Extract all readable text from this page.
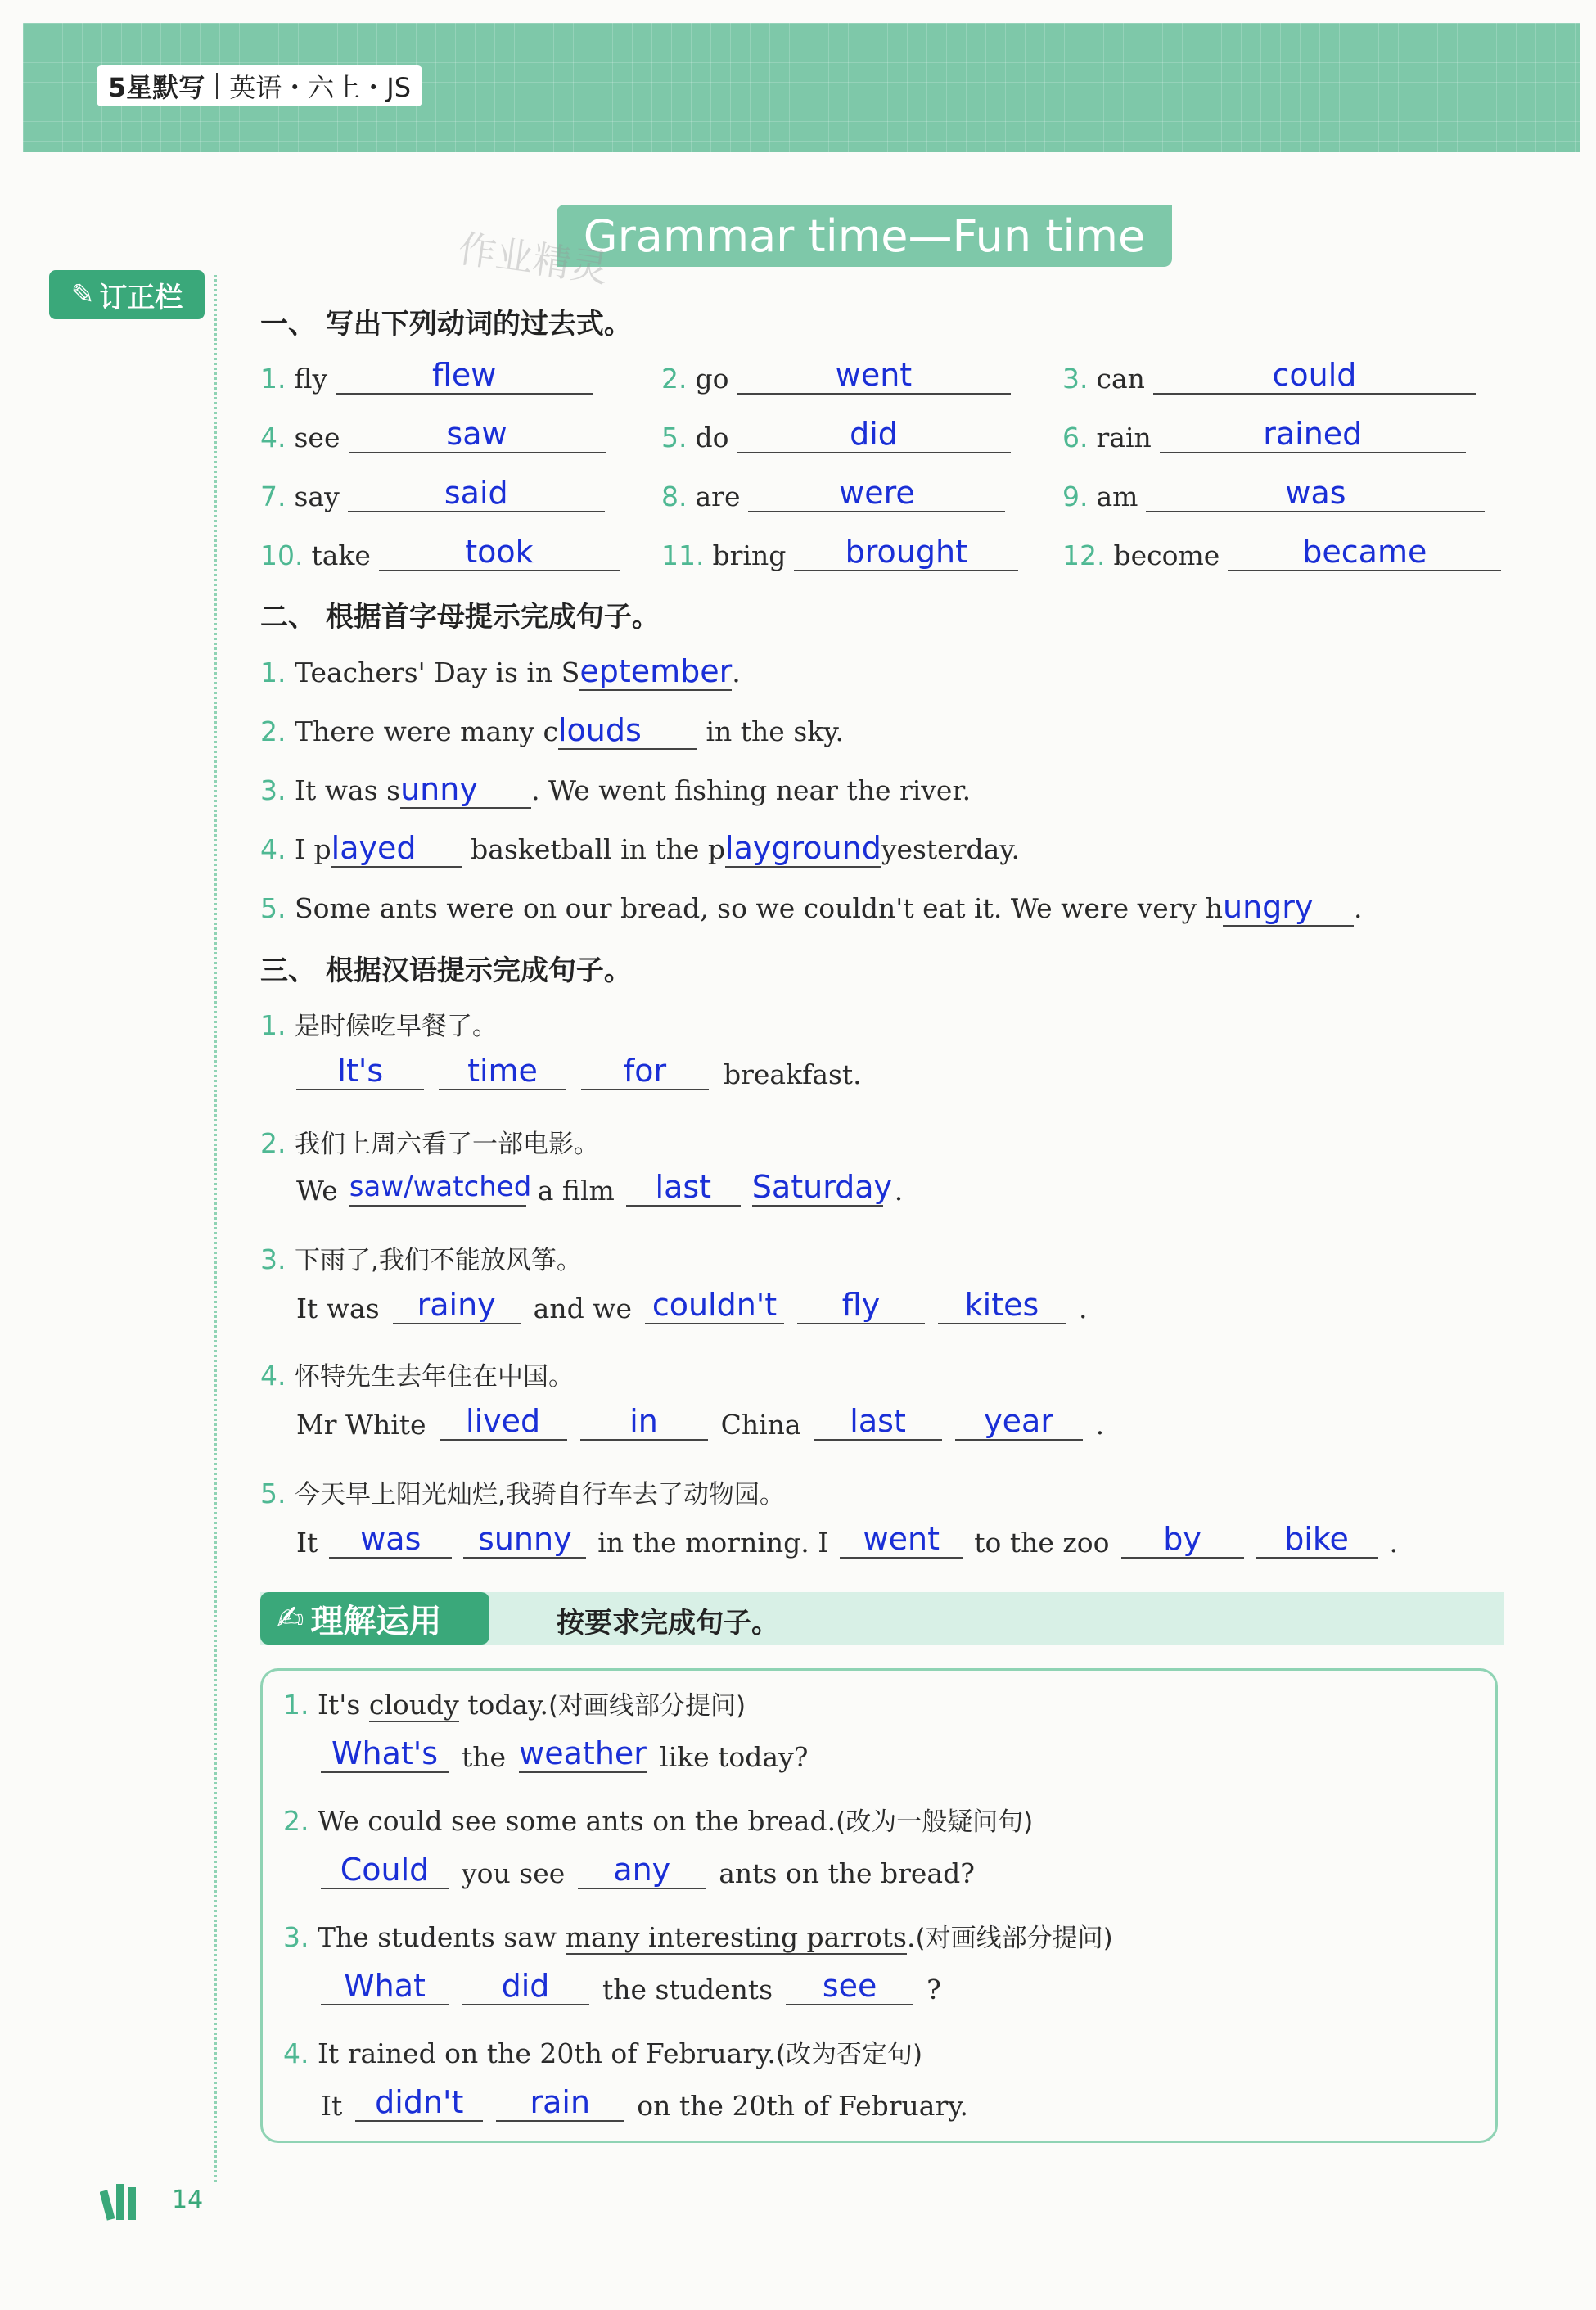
5星默写 英语・六上・JS
Grammar time—Fun time
作业精灵
✎ 订正栏
一、 写出下列动词的过去式。
1. fly	flew	2. go	went	3. can	could
4. see	saw	5. do	did	6. rain	rained
7. say	said	8. are	were	9. am	was
10. take	took	11. bring	brought	12. become	became
二、 根据首字母提示完成句子。
1. Teachers' Day is in September.
2. There were many clouds in the sky.
3. It was sunny . We went fishing near the river.
4. I played basketball in the playgroundyesterday.
5. Some ants were on our bread, so we couldn't eat it. We were very hungry .
三、 根据汉语提示完成句子。
1. 是时候吃早餐了。
It's	time	for	breakfast.
2. 我们上周六看了一部电影。
We saw/watched a film	last	Saturday .
3. 下雨了,我们不能放风筝。
It was	rainy	and we couldn't	fly	kites	.
4. 怀特先生去年住在中国。
Mr White	lived	in	China	last	year	.
5. 今天早上阳光灿烂,我骑自行车去了动物园。
It	was	sunny in the morning. I	went	to the zoo	by	bike	.
✍ 理解运用	按要求完成句子。
1. It's cloudy today.(对画线部分提问)
What's the weather like today?
2. We could see some ants on the bread.(改为一般疑问句)
Could	you see	any	ants on the bread?
3. The students saw many interesting parrots.(对画线部分提问)
What	did	the students	see	?
4. It rained on the 20th of February.(改为否定句)
It	didn't	rain	on the 20th of February.
14
